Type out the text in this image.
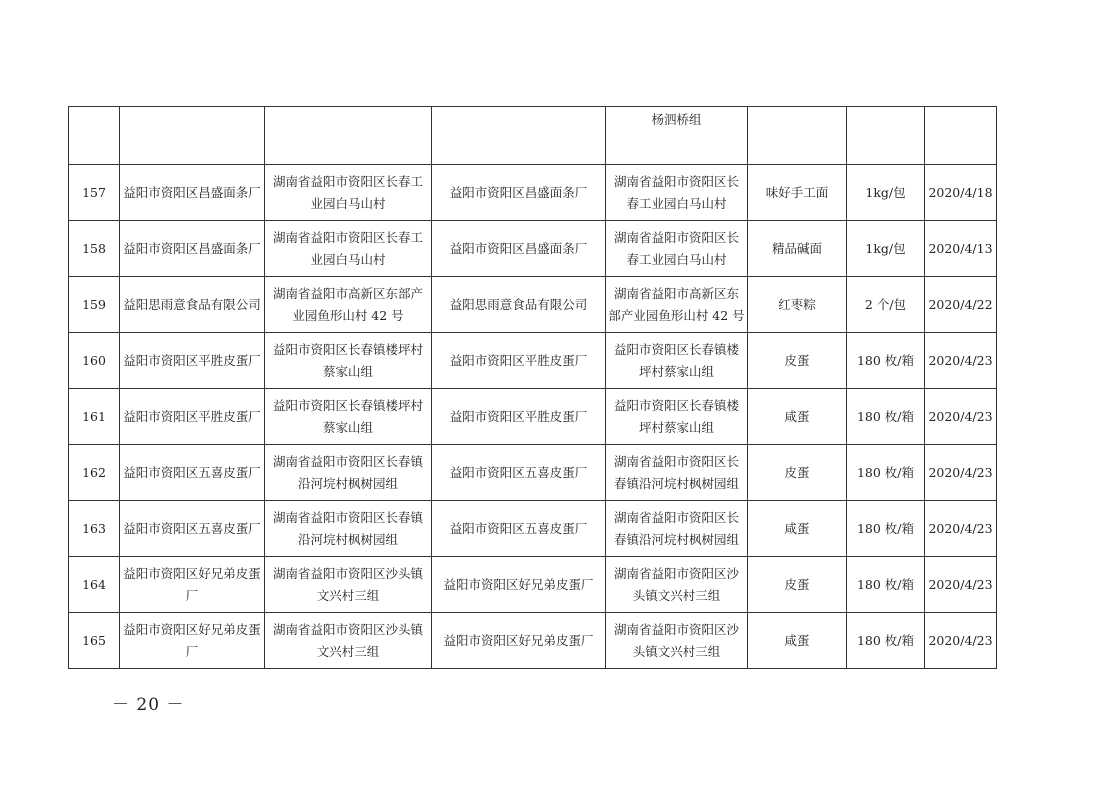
				杨泗桥组			
157	益阳市资阳区昌盛面条厂	湖南省益阳市资阳区长春工业园白马山村	益阳市资阳区昌盛面条厂	湖南省益阳市资阳区长春工业园白马山村	味好手工面	1kg/包	2020/4/18
158	益阳市资阳区昌盛面条厂	湖南省益阳市资阳区长春工业园白马山村	益阳市资阳区昌盛面条厂	湖南省益阳市资阳区长春工业园白马山村	精品碱面	1kg/包	2020/4/13
159	益阳思雨意食品有限公司	湖南省益阳市高新区东部产业园鱼形山村 42 号	益阳思雨意食品有限公司	湖南省益阳市高新区东部产业园鱼形山村 42 号	红枣粽	2 个/包	2020/4/22
160	益阳市资阳区平胜皮蛋厂	益阳市资阳区长春镇楼坪村蔡家山组	益阳市资阳区平胜皮蛋厂	益阳市资阳区长春镇楼坪村蔡家山组	皮蛋	180 枚/箱	2020/4/23
161	益阳市资阳区平胜皮蛋厂	益阳市资阳区长春镇楼坪村蔡家山组	益阳市资阳区平胜皮蛋厂	益阳市资阳区长春镇楼坪村蔡家山组	咸蛋	180 枚/箱	2020/4/23
162	益阳市资阳区五喜皮蛋厂	湖南省益阳市资阳区长春镇沿河垸村枫树园组	益阳市资阳区五喜皮蛋厂	湖南省益阳市资阳区长春镇沿河垸村枫树园组	皮蛋	180 枚/箱	2020/4/23
163	益阳市资阳区五喜皮蛋厂	湖南省益阳市资阳区长春镇沿河垸村枫树园组	益阳市资阳区五喜皮蛋厂	湖南省益阳市资阳区长春镇沿河垸村枫树园组	咸蛋	180 枚/箱	2020/4/23
164	益阳市资阳区好兄弟皮蛋厂	湖南省益阳市资阳区沙头镇文兴村三组	益阳市资阳区好兄弟皮蛋厂	湖南省益阳市资阳区沙头镇文兴村三组	皮蛋	180 枚/箱	2020/4/23
165	益阳市资阳区好兄弟皮蛋厂	湖南省益阳市资阳区沙头镇文兴村三组	益阳市资阳区好兄弟皮蛋厂	湖南省益阳市资阳区沙头镇文兴村三组	咸蛋	180 枚/箱	2020/4/23
－ 20 －
